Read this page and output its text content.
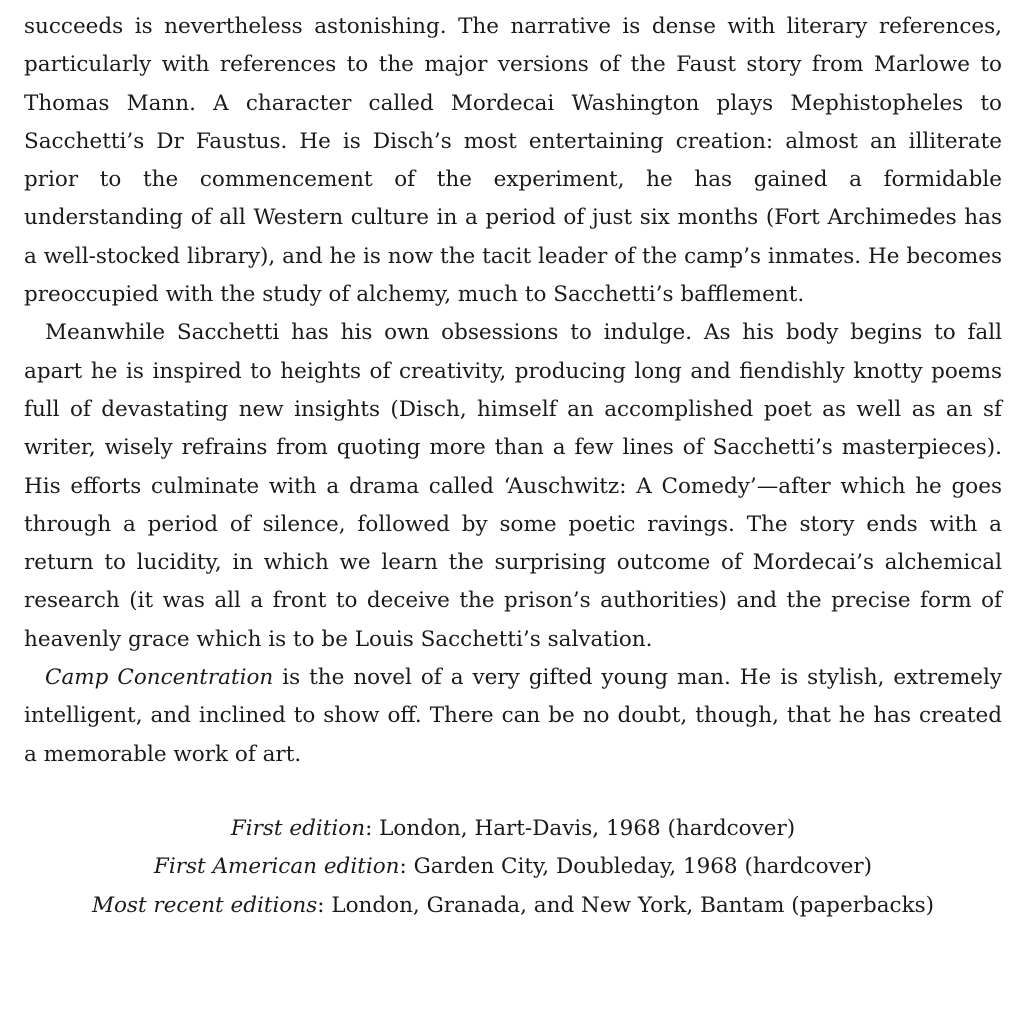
succeeds is nevertheless astonishing. The narrative is dense with literary references, particularly with references to the major versions of the Faust story from Marlowe to Thomas Mann. A character called Mordecai Washington plays Mephistopheles to Sacchetti’s Dr Faustus. He is Disch’s most entertaining creation: almost an illiterate prior to the commencement of the experiment, he has gained a formidable understanding of all Western culture in a period of just six months (Fort Archimedes has a well-stocked library), and he is now the tacit leader of the camp’s inmates. He becomes preoccupied with the study of alchemy, much to Sacchetti’s bafflement.

Meanwhile Sacchetti has his own obsessions to indulge. As his body begins to fall apart he is inspired to heights of creativity, producing long and fiendishly knotty poems full of devastating new insights (Disch, himself an accomplished poet as well as an sf writer, wisely refrains from quoting more than a few lines of Sacchetti’s masterpieces). His efforts culminate with a drama called ‘Auschwitz: A Comedy’—after which he goes through a period of silence, followed by some poetic ravings. The story ends with a return to lucidity, in which we learn the surprising outcome of Mordecai’s alchemical research (it was all a front to deceive the prison’s authorities) and the precise form of heavenly grace which is to be Louis Sacchetti’s salvation.

Camp Concentration is the novel of a very gifted young man. He is stylish, extremely intelligent, and inclined to show off. There can be no doubt, though, that he has created a memorable work of art.

First edition: London, Hart-Davis, 1968 (hardcover)
First American edition: Garden City, Doubleday, 1968 (hardcover)
Most recent editions: London, Granada, and New York, Bantam (paperbacks)
